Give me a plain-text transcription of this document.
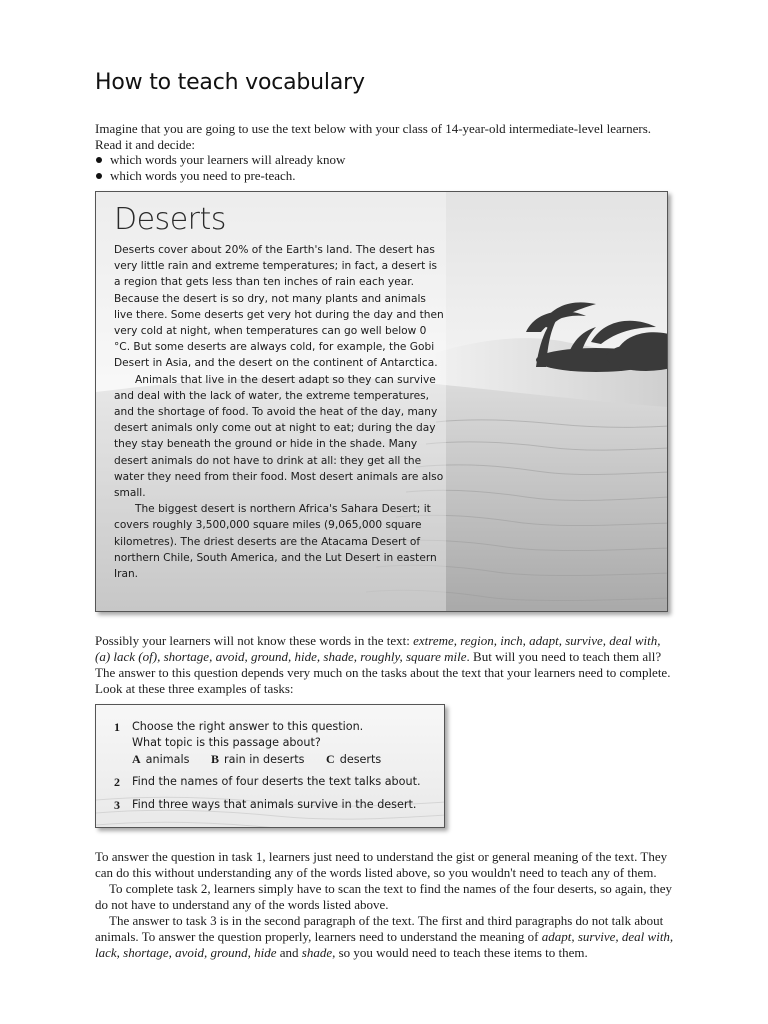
How to teach vocabulary

Imagine that you are going to use the text below with your class of 14-year-old intermediate-level learners. Read it and decide:

which words your learners will already know
which words you need to pre-teach.
Deserts

Deserts cover about 20% of the Earth's land. The desert has very little rain and extreme temperatures; in fact, a desert is a region that gets less than ten inches of rain each year. Because the desert is so dry, not many plants and animals live there. Some deserts get very hot during the day and then very cold at night, when temperatures can go well below 0 °C. But some deserts are always cold, for example, the Gobi Desert in Asia, and the desert on the continent of Antarctica.

Animals that live in the desert adapt so they can survive and deal with the lack of water, the extreme temperatures, and the shortage of food. To avoid the heat of the day, many desert animals only come out at night to eat; during the day they stay beneath the ground or hide in the shade. Many desert animals do not have to drink at all: they get all the water they need from their food. Most desert animals are also small.

The biggest desert is northern Africa's Sahara Desert; it covers roughly 3,500,000 square miles (9,065,000 square kilometres). The driest deserts are the Atacama Desert of northern Chile, South America, and the Lut Desert in eastern Iran.

Possibly your learners will not know these words in the text: extreme, region, inch, adapt, survive, deal with, (a) lack (of), shortage, avoid, ground, hide, shade, roughly, square mile. But will you need to teach them all? The answer to this question depends very much on the tasks about the text that your learners need to complete. Look at these three examples of tasks:

1 Choose the right answer to this question.
What topic is this passage about?
A animals B rain in deserts C deserts
2 Find the names of four deserts the text talks about.
3 Find three ways that animals survive in the desert.

To answer the question in task 1, learners just need to understand the gist or general meaning of the text. They can do this without understanding any of the words listed above, so you wouldn't need to teach any of them.

To complete task 2, learners simply have to scan the text to find the names of the four deserts, so again, they do not have to understand any of the words listed above.

The answer to task 3 is in the second paragraph of the text. The first and third paragraphs do not talk about animals. To answer the question properly, learners need to understand the meaning of adapt, survive, deal with, lack, shortage, avoid, ground, hide and shade, so you would need to teach these items to them.
